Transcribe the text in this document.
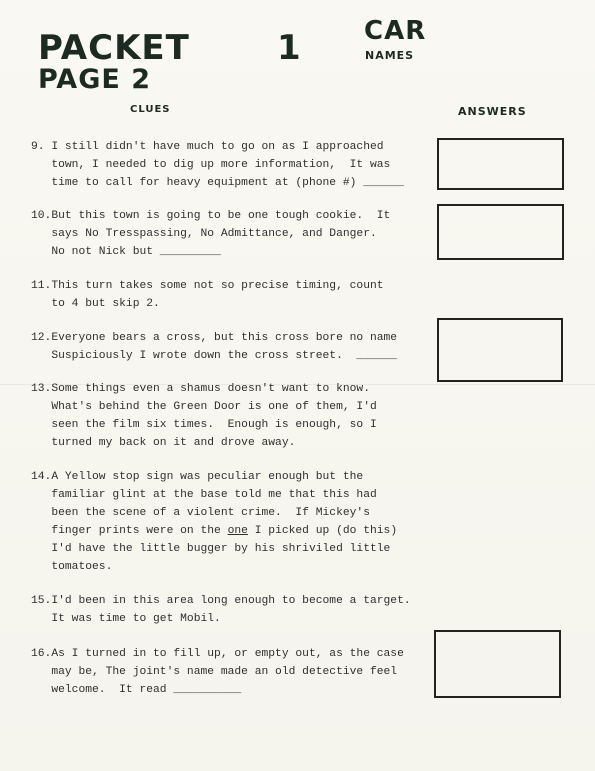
PACKET	1
PAGE 2
CAR
NAMES
CLUES	ANSWERS
9. I still didn't have much to go on as I approached
town, I needed to dig up more information,  It was
time to call for heavy equipment at (phone #) ______
10.But this town is going to be one tough cookie.  It
says No Tresspassing, No Admittance, and Danger.
No not Nick but _________
11.This turn takes some not so precise timing, count
to 4 but skip 2.
12.Everyone bears a cross, but this cross bore no name
Suspiciously I wrote down the cross street.  ______
13.Some things even a shamus doesn't want to know.
What's behind the Green Door is one of them, I'd
seen the film six times.  Enough is enough, so I
turned my back on it and drove away.
14.A Yellow stop sign was peculiar enough but the
familiar glint at the base told me that this had
been the scene of a violent crime.  If Mickey's
finger prints were on the one I picked up (do this)
I'd have the little bugger by his shriviled little
tomatoes.
15.I'd been in this area long enough to become a target.
It was time to get Mobil.
16.As I turned in to fill up, or empty out, as the case
may be, The joint's name made an old detective feel
welcome.  It read __________
